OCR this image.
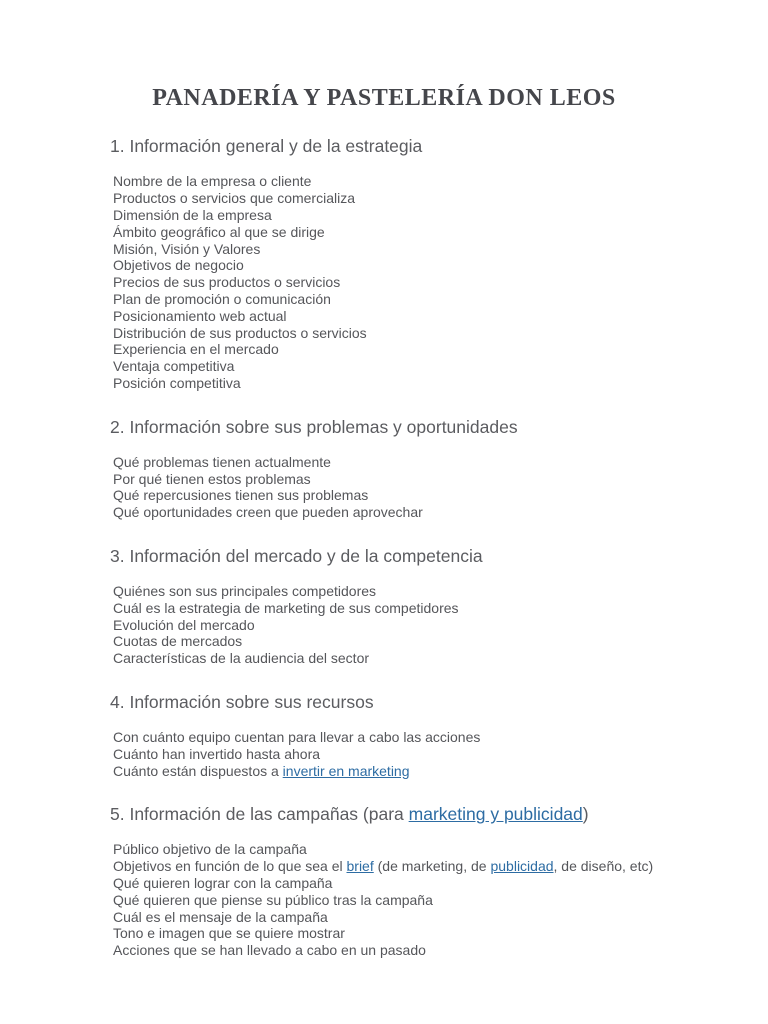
PANADERÍA Y PASTELERÍA DON LEOS
1. Información general y de la estrategia
Nombre de la empresa o cliente
Productos o servicios que comercializa
Dimensión de la empresa
Ámbito geográfico al que se dirige
Misión, Visión y Valores
Objetivos de negocio
Precios de sus productos o servicios
Plan de promoción o comunicación
Posicionamiento web actual
Distribución de sus productos o servicios
Experiencia en el mercado
Ventaja competitiva
Posición competitiva
2. Información sobre sus problemas y oportunidades
Qué problemas tienen actualmente
Por qué tienen estos problemas
Qué repercusiones tienen sus problemas
Qué oportunidades creen que pueden aprovechar
3. Información del mercado y de la competencia
Quiénes son sus principales competidores
Cuál es la estrategia de marketing de sus competidores
Evolución del mercado
Cuotas de mercados
Características de la audiencia del sector
4. Información sobre sus recursos
Con cuánto equipo cuentan para llevar a cabo las acciones
Cuánto han invertido hasta ahora
Cuánto están dispuestos a invertir en marketing
5. Información de las campañas (para marketing y publicidad)
Público objetivo de la campaña
Objetivos en función de lo que sea el brief (de marketing, de publicidad, de diseño, etc)
Qué quieren lograr con la campaña
Qué quieren que piense su público tras la campaña
Cuál es el mensaje de la campaña
Tono e imagen que se quiere mostrar
Acciones que se han llevado a cabo en un pasado
